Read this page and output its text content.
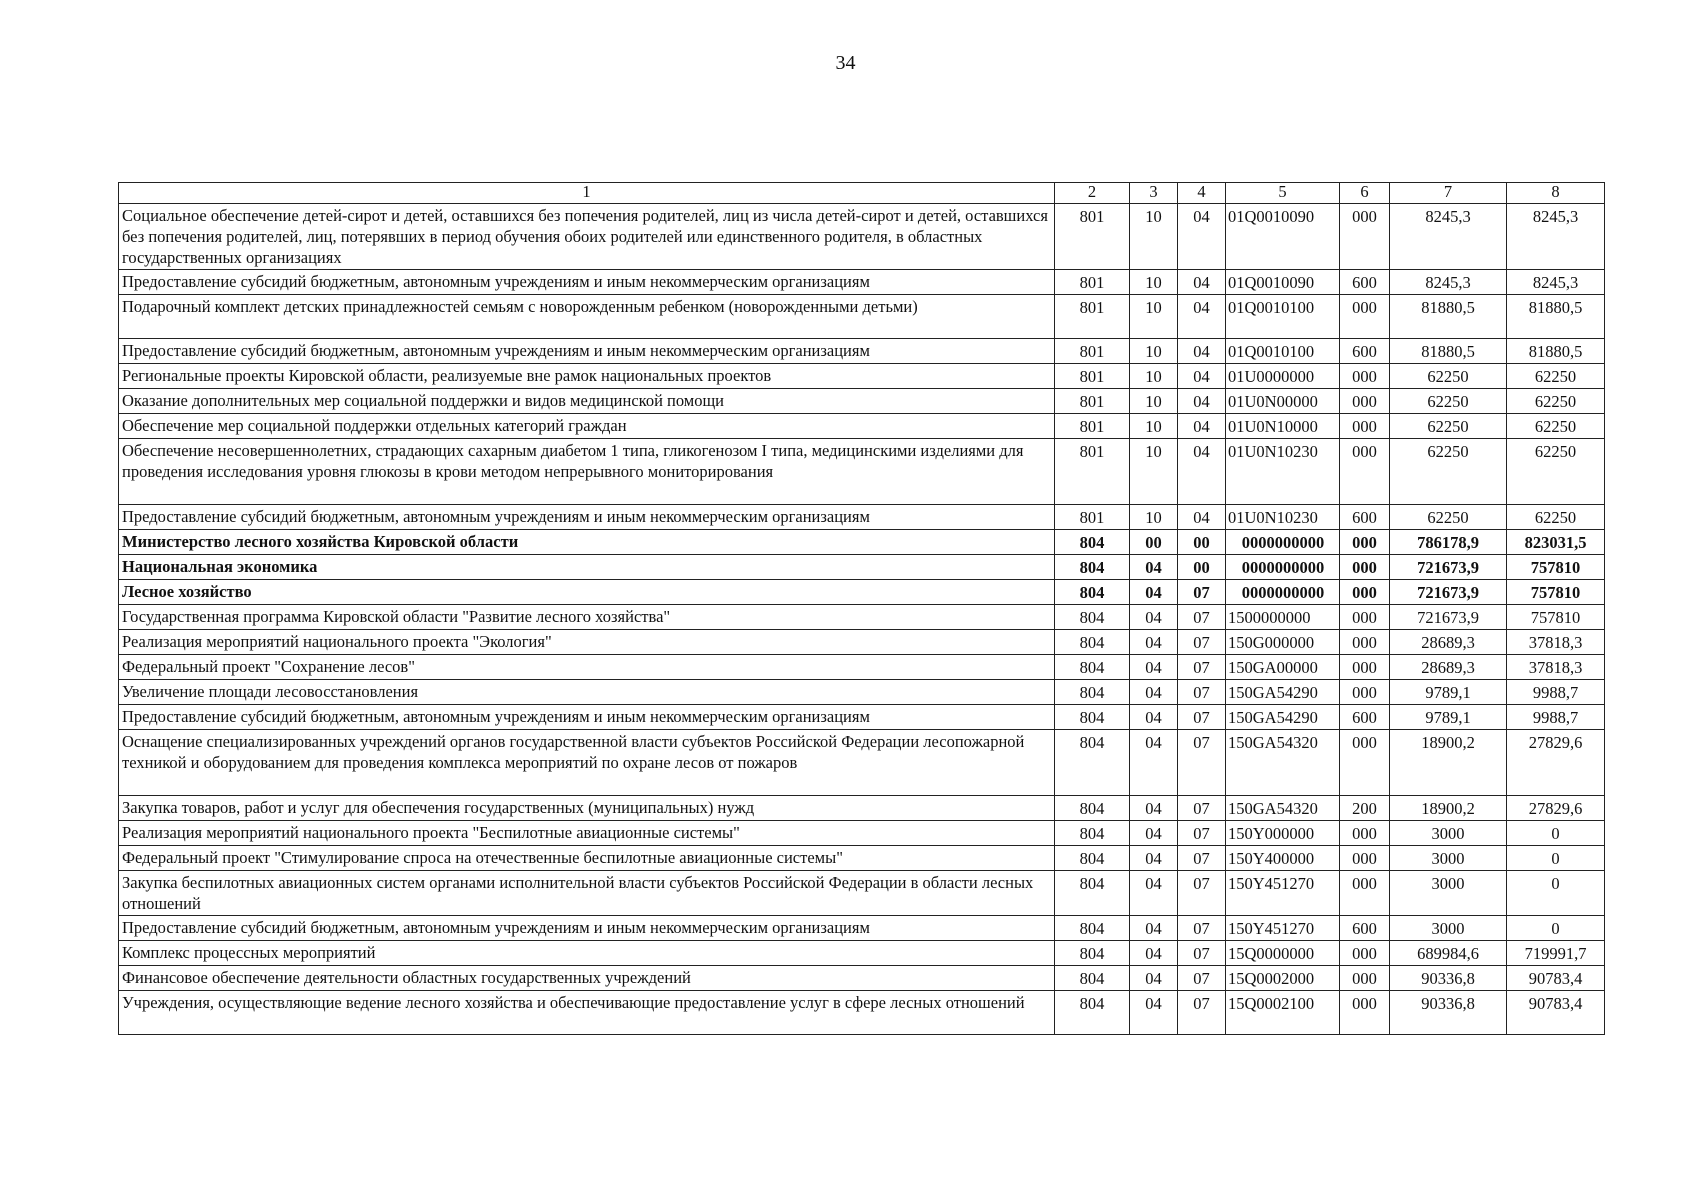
34
1	2	3	4	5	6	7	8
Социальное обеспечение детей-сирот и детей, оставшихся без попечения родителей, лиц из числа детей-сирот и детей, оставшихся без попечения родителей, лиц, потерявших в период обучения обоих родителей или единственного родителя, в областных государственных организациях	801	10	04	01Q0010090	000	8245,3	8245,3
Предоставление субсидий бюджетным, автономным учреждениям и иным некоммерческим организациям	801	10	04	01Q0010090	600	8245,3	8245,3
Подарочный комплект детских принадлежностей семьям с новорожденным ребенком (новорожденными детьми)	801	10	04	01Q0010100	000	81880,5	81880,5
Предоставление субсидий бюджетным, автономным учреждениям и иным некоммерческим организациям	801	10	04	01Q0010100	600	81880,5	81880,5
Региональные проекты Кировской области, реализуемые вне рамок национальных проектов	801	10	04	01U0000000	000	62250	62250
Оказание дополнительных мер социальной поддержки и видов медицинской помощи	801	10	04	01U0N00000	000	62250	62250
Обеспечение мер социальной поддержки отдельных категорий граждан	801	10	04	01U0N10000	000	62250	62250
Обеспечение несовершеннолетних, страдающих сахарным диабетом 1 типа, гликогенозом I типа, медицинскими изделиями для проведения исследования уровня глюкозы в крови методом непрерывного мониторирования	801	10	04	01U0N10230	000	62250	62250
Предоставление субсидий бюджетным, автономным учреждениям и иным некоммерческим организациям	801	10	04	01U0N10230	600	62250	62250
Министерство лесного хозяйства Кировской области	804	00	00	0000000000	000	786178,9	823031,5
Национальная экономика	804	04	00	0000000000	000	721673,9	757810
Лесное хозяйство	804	04	07	0000000000	000	721673,9	757810
Государственная программа Кировской области "Развитие лесного хозяйства"	804	04	07	1500000000	000	721673,9	757810
Реализация мероприятий национального проекта "Экология"	804	04	07	150G000000	000	28689,3	37818,3
Федеральный проект "Сохранение лесов"	804	04	07	150GA00000	000	28689,3	37818,3
Увеличение площади лесовосстановления	804	04	07	150GA54290	000	9789,1	9988,7
Предоставление субсидий бюджетным, автономным учреждениям и иным некоммерческим организациям	804	04	07	150GA54290	600	9789,1	9988,7
Оснащение специализированных учреждений органов государственной власти субъектов Российской Федерации лесопожарной техникой и оборудованием для проведения комплекса мероприятий по охране лесов от пожаров	804	04	07	150GA54320	000	18900,2	27829,6
Закупка товаров, работ и услуг для обеспечения государственных (муниципальных) нужд	804	04	07	150GA54320	200	18900,2	27829,6
Реализация мероприятий национального проекта "Беспилотные авиационные системы"	804	04	07	150Y000000	000	3000	0
Федеральный проект "Стимулирование спроса на отечественные беспилотные авиационные системы"	804	04	07	150Y400000	000	3000	0
Закупка беспилотных авиационных систем органами исполнительной власти субъектов Российской Федерации в области лесных отношений	804	04	07	150Y451270	000	3000	0
Предоставление субсидий бюджетным, автономным учреждениям и иным некоммерческим организациям	804	04	07	150Y451270	600	3000	0
Комплекс процессных мероприятий	804	04	07	15Q0000000	000	689984,6	719991,7
Финансовое обеспечение деятельности областных государственных учреждений	804	04	07	15Q0002000	000	90336,8	90783,4
Учреждения, осуществляющие ведение лесного хозяйства и обеспечивающие предоставление услуг в сфере лесных отношений	804	04	07	15Q0002100	000	90336,8	90783,4
